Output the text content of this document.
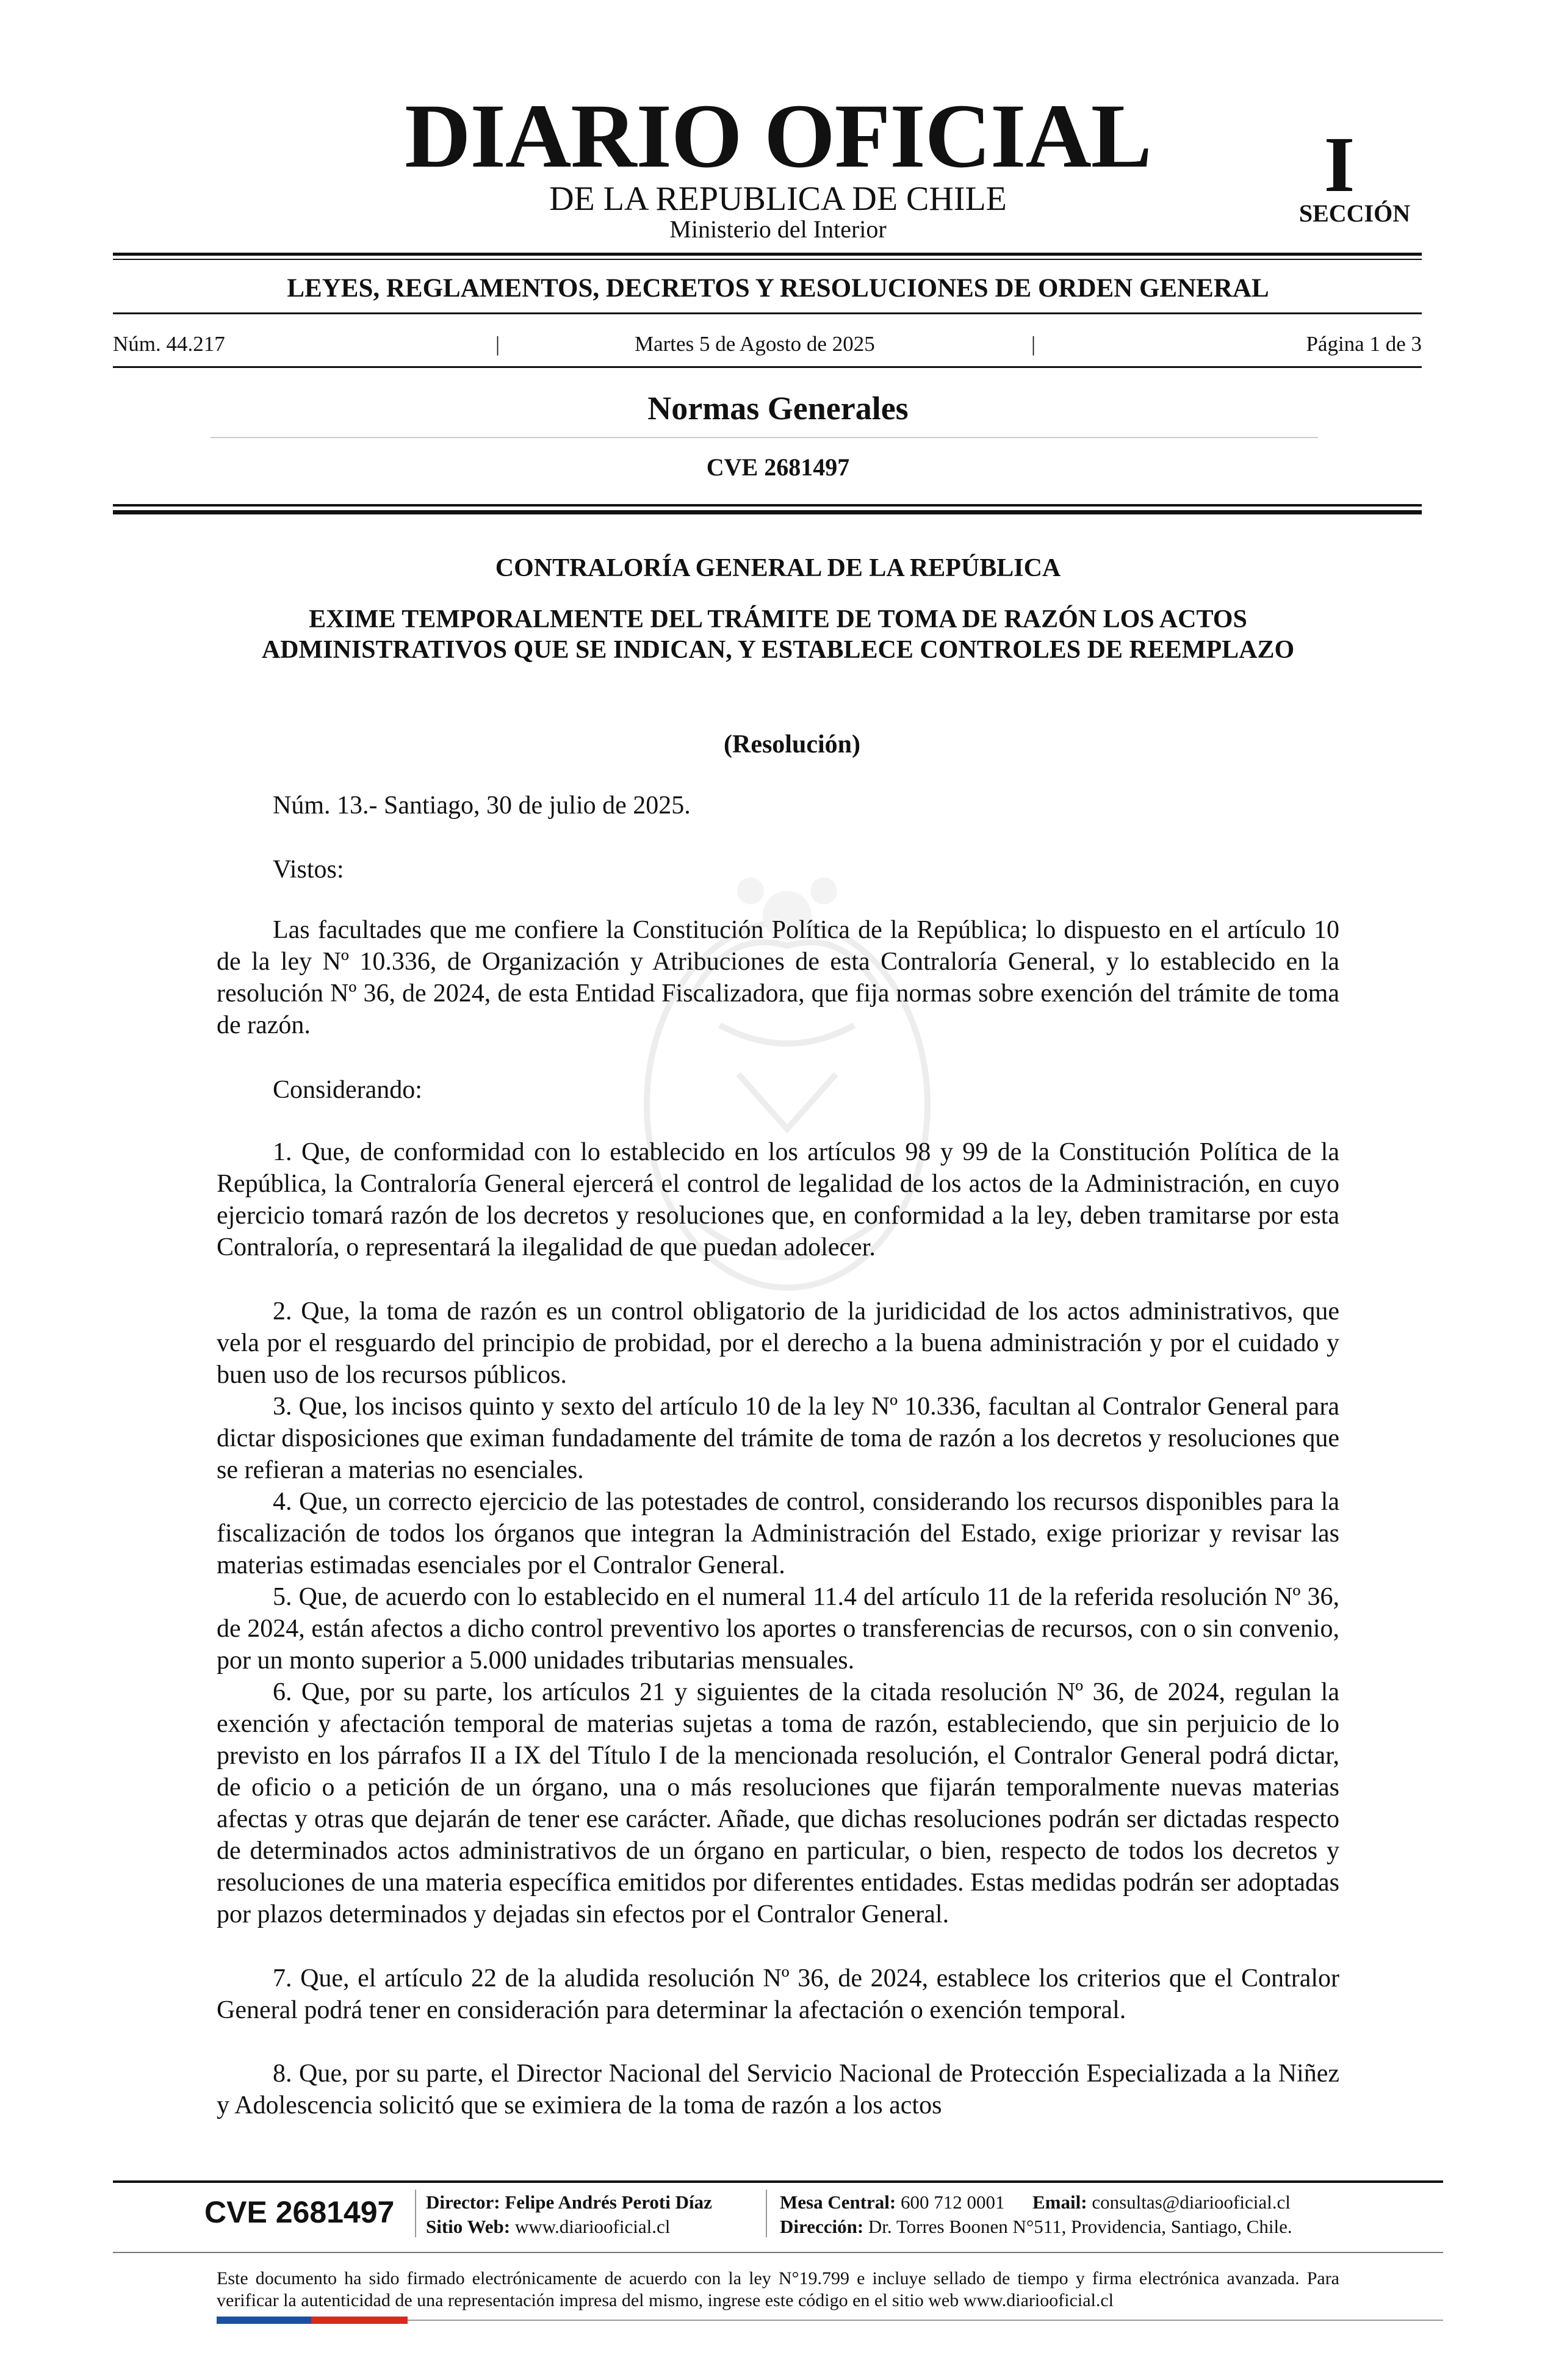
DIARIO OFICIAL
DE LA REPUBLICA DE CHILE
Ministerio del Interior
I
SECCIÓN
LEYES, REGLAMENTOS, DECRETOS Y RESOLUCIONES DE ORDEN GENERAL
Núm. 44.217	|	Martes 5 de Agosto de 2025	|	Página 1 de 3
Normas Generales
CVE 2681497
CONTRALORÍA GENERAL DE LA REPÚBLICA
EXIME TEMPORALMENTE DEL TRÁMITE DE TOMA DE RAZÓN LOS ACTOS ADMINISTRATIVOS QUE SE INDICAN, Y ESTABLECE CONTROLES DE REEMPLAZO
(Resolución)
Núm. 13.- Santiago, 30 de julio de 2025.
Vistos:
Las facultades que me confiere la Constitución Política de la República; lo dispuesto en el artículo 10 de la ley Nº 10.336, de Organización y Atribuciones de esta Contraloría General, y lo establecido en la resolución Nº 36, de 2024, de esta Entidad Fiscalizadora, que fija normas sobre exención del trámite de toma de razón.
Considerando:
1. Que, de conformidad con lo establecido en los artículos 98 y 99 de la Constitución Política de la República, la Contraloría General ejercerá el control de legalidad de los actos de la Administración, en cuyo ejercicio tomará razón de los decretos y resoluciones que, en conformidad a la ley, deben tramitarse por esta Contraloría, o representará la ilegalidad de que puedan adolecer.
2. Que, la toma de razón es un control obligatorio de la juridicidad de los actos administrativos, que vela por el resguardo del principio de probidad, por el derecho a la buena administración y por el cuidado y buen uso de los recursos públicos.
3. Que, los incisos quinto y sexto del artículo 10 de la ley Nº 10.336, facultan al Contralor General para dictar disposiciones que eximan fundadamente del trámite de toma de razón a los decretos y resoluciones que se refieran a materias no esenciales.
4. Que, un correcto ejercicio de las potestades de control, considerando los recursos disponibles para la fiscalización de todos los órganos que integran la Administración del Estado, exige priorizar y revisar las materias estimadas esenciales por el Contralor General.
5. Que, de acuerdo con lo establecido en el numeral 11.4 del artículo 11 de la referida resolución Nº 36, de 2024, están afectos a dicho control preventivo los aportes o transferencias de recursos, con o sin convenio, por un monto superior a 5.000 unidades tributarias mensuales.
6. Que, por su parte, los artículos 21 y siguientes de la citada resolución Nº 36, de 2024, regulan la exención y afectación temporal de materias sujetas a toma de razón, estableciendo, que sin perjuicio de lo previsto en los párrafos II a IX del Título I de la mencionada resolución, el Contralor General podrá dictar, de oficio o a petición de un órgano, una o más resoluciones que fijarán temporalmente nuevas materias afectas y otras que dejarán de tener ese carácter. Añade, que dichas resoluciones podrán ser dictadas respecto de determinados actos administrativos de un órgano en particular, o bien, respecto de todos los decretos y resoluciones de una materia específica emitidos por diferentes entidades. Estas medidas podrán ser adoptadas por plazos determinados y dejadas sin efectos por el Contralor General.
7. Que, el artículo 22 de la aludida resolución Nº 36, de 2024, establece los criterios que el Contralor General podrá tener en consideración para determinar la afectación o exención temporal.
8. Que, por su parte, el Director Nacional del Servicio Nacional de Protección Especializada a la Niñez y Adolescencia solicitó que se eximiera de la toma de razón a los actos
CVE 2681497	Director: Felipe Andrés Peroti Díaz
Sitio Web: www.diariooficial.cl
Mesa Central: 600 712 0001 Email: consultas@diariooficial.cl
Dirección: Dr. Torres Boonen N°511, Providencia, Santiago, Chile.
Este documento ha sido firmado electrónicamente de acuerdo con la ley N°19.799 e incluye sellado de tiempo y firma electrónica avanzada. Para verificar la autenticidad de una representación impresa del mismo, ingrese este código en el sitio web www.diariooficial.cl
